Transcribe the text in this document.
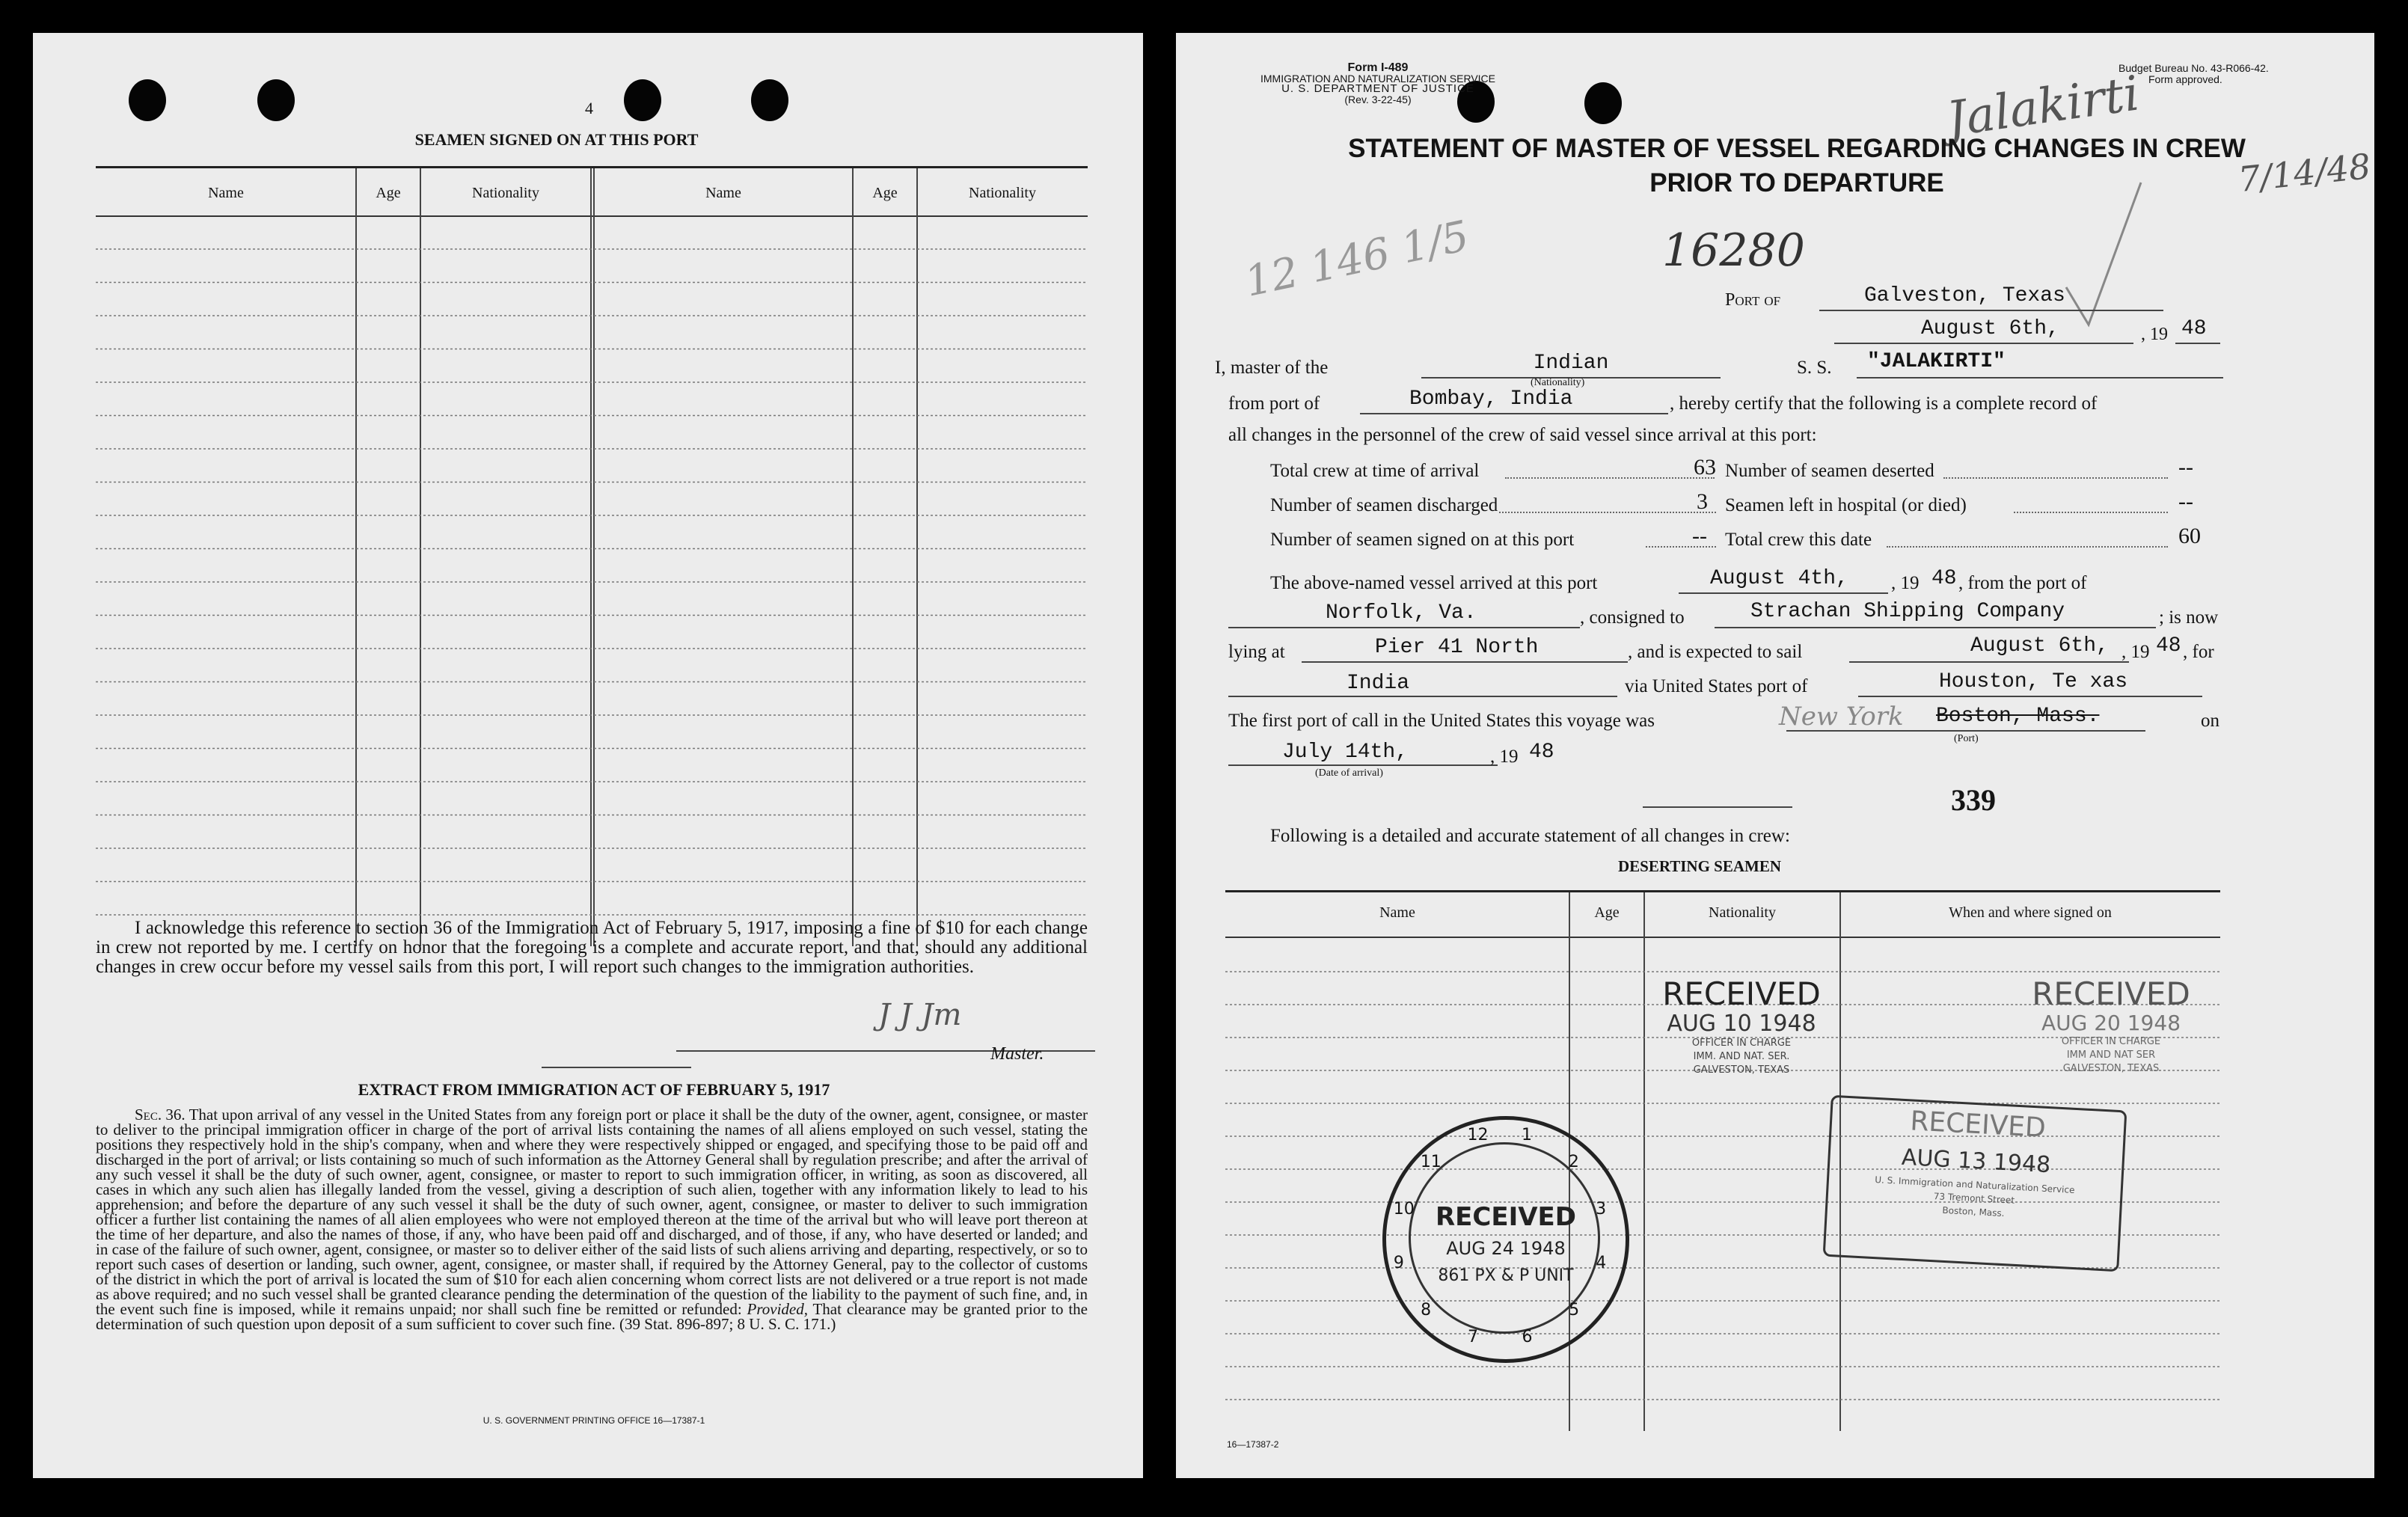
4
SEAMEN SIGNED ON AT THIS PORT
Name	Age	Nationality	Name	Age	Nationality
I acknowledge this reference to section 36 of the Immigration Act of February 5, 1917, imposing a fine of $10 for each change in crew not reported by me. I certify on honor that the foregoing is a complete and accurate report, and that, should any additional changes in crew occur before my vessel sails from this port, I will report such changes to the immigration authorities.
J J Jm
Master.
EXTRACT FROM IMMIGRATION ACT OF FEBRUARY 5, 1917
Sec. 36. That upon arrival of any vessel in the United States from any foreign port or place it shall be the duty of the owner, agent, consignee, or master to deliver to the principal immigration officer in charge of the port of arrival lists containing the names of all aliens employed on such vessel, stating the positions they respectively hold in the ship's company, when and where they were respectively shipped or engaged, and specifying those to be paid off and discharged in the port of arrival; or lists containing so much of such information as the Attorney General shall by regulation prescribe; and after the arrival of any such vessel it shall be the duty of such owner, agent, consignee, or master to report to such immigration officer, in writing, as soon as discovered, all cases in which any such alien has illegally landed from the vessel, giving a description of such alien, together with any information likely to lead to his apprehension; and before the departure of any such vessel it shall be the duty of such owner, agent, consignee, or master to deliver to such immigration officer a further list containing the names of all alien employees who were not employed thereon at the time of the arrival but who will leave port thereon at the time of her departure, and also the names of those, if any, who have been paid off and discharged, and of those, if any, who have deserted or landed; and in case of the failure of such owner, agent, consignee, or master so to deliver either of the said lists of such aliens arriving and departing, respectively, or so to report such cases of desertion or landing, such owner, agent, consignee, or master shall, if required by the Attorney General, pay to the collector of customs of the district in which the port of arrival is located the sum of $10 for each alien concerning whom correct lists are not delivered or a true report is not made as above required; and no such vessel shall be granted clearance pending the determination of the question of the liability to the payment of such fine, and, in the event such fine is imposed, while it remains unpaid; nor shall such fine be remitted or refunded: Provided, That clearance may be granted prior to the determination of such question upon deposit of a sum sufficient to cover such fine. (39 Stat. 896-897; 8 U. S. C. 171.)
U. S. GOVERNMENT PRINTING OFFICE 16—17387-1
Form I-489
IMMIGRATION AND NATURALIZATION SERVICE
U. S. DEPARTMENT OF JUSTICE
(Rev. 3-22-45)
Budget Bureau No. 43-R066-42.
Form approved.
Jalakirti
7/14/48
12 146 1/5
STATEMENT OF MASTER OF VESSEL REGARDING CHANGES IN CREW
PRIOR TO DEPARTURE
16280
Port of	Galveston, Texas
August 6th,	, 19 48
I, master of the	Indian
(Nationality)
S. S. "JALAKIRTI"
from port of	Bombay, India	, hereby certify that the following is a complete record of
all changes in the personnel of the crew of said vessel since arrival at this port:
Total crew at time of arrival	63
Number of seamen discharged	3
Number of seamen signed on at this port	--
Number of seamen deserted	--
Seamen left in hospital (or died)	--
Total crew this date	60
The above-named vessel arrived at this port	August 4th, , 19 48 , from the port of
Norfolk, Va.	, consigned to	Strachan Shipping Company	; is now
lying at	Pier 41 North	, and is expected to sail	August 6th, , 19 48 , for
India	via United States port of	Houston, Te xas
The first port of call in the United States this voyage was	New York Boston, Mass.
(Port)
on
July 14th,	, 19 48
(Date of arrival)
339
Following is a detailed and accurate statement of all changes in crew:
DESERTING SEAMEN
Name	Age	Nationality	When and where signed on
RECEIVED
AUG 10 1948
OFFICER IN CHARGE
IMM. AND NAT. SER.
GALVESTON, TEXAS
RECEIVED
AUG 20 1948
OFFICER IN CHARGE
IMM AND NAT SER
GALVESTON, TEXAS
RECEIVED
AUG 13 1948
U. S. Immigration and Naturalization Service
73 Tremont Street
Boston, Mass.
1
2
3
4
5
6
7
8
9
10
11
12
RECEIVED
AUG 24 1948
861 PX & P UNIT
16—17387-2
